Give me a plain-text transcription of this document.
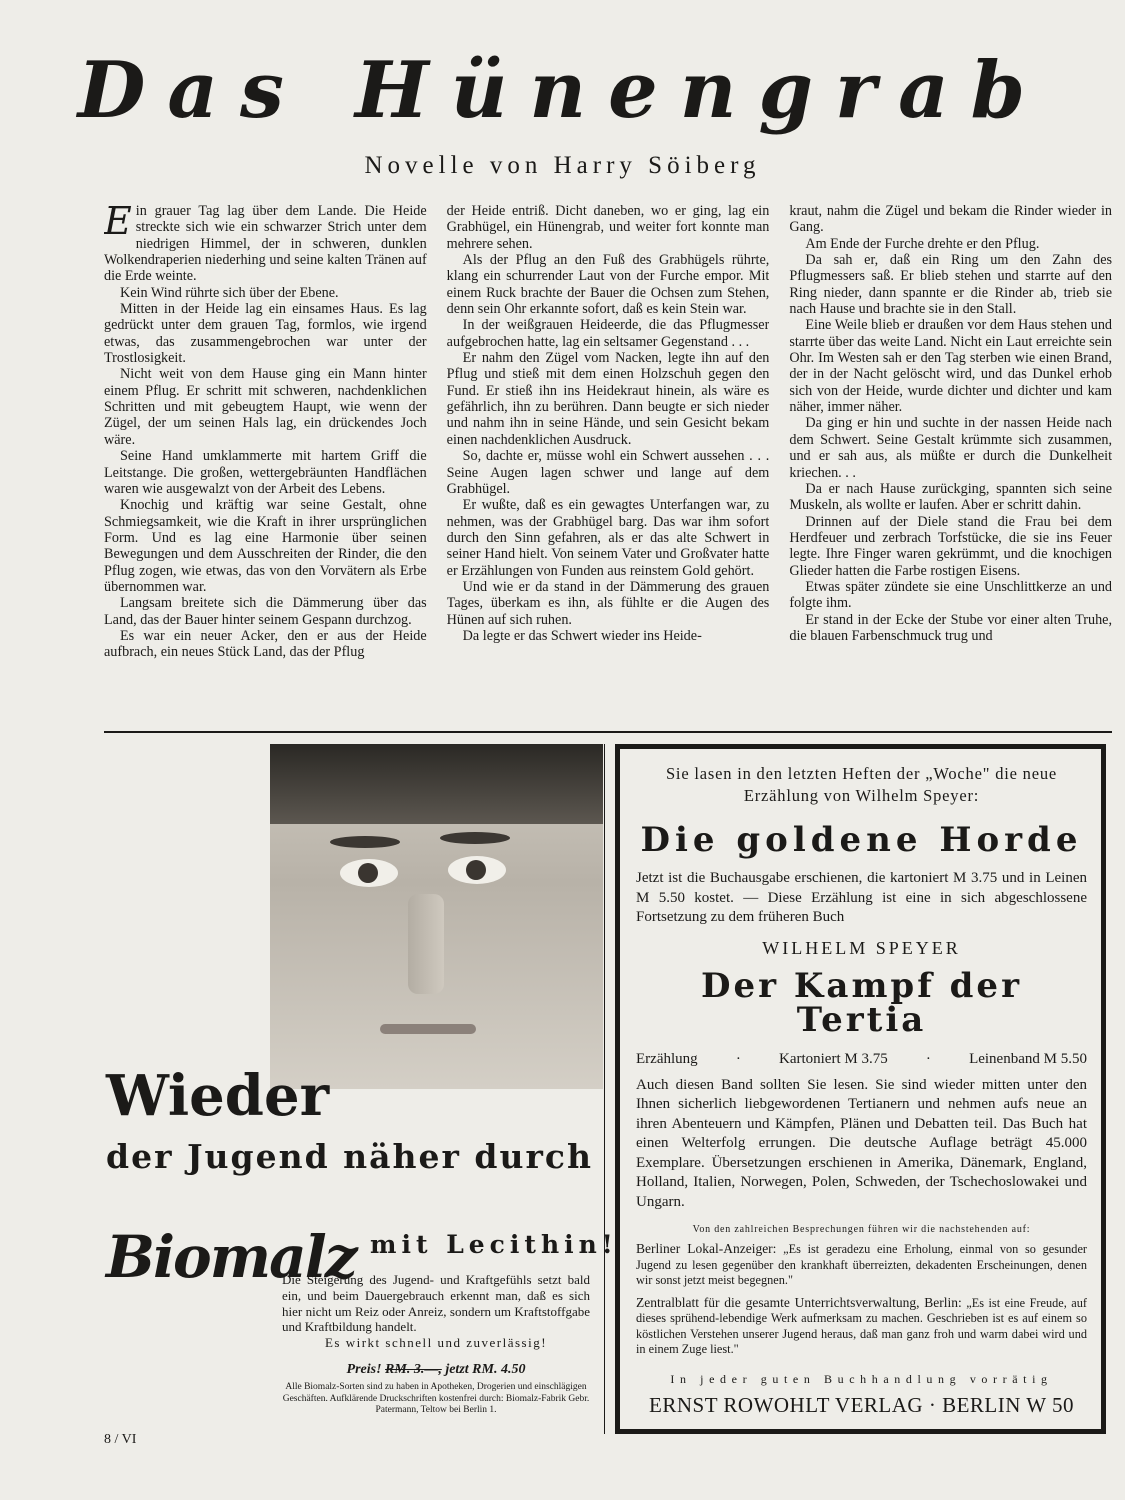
Das Hünengrab
Novelle von Harry Söiberg

Ein grauer Tag lag über dem Lande. Die Heide streckte sich wie ein schwarzer Strich unter dem niedrigen Himmel, der in schweren, dunklen Wolkendraperien niederhing und seine kalten Tränen auf die Erde weinte.

Kein Wind rührte sich über der Ebene.

Mitten in der Heide lag ein einsames Haus. Es lag gedrückt unter dem grauen Tag, formlos, wie irgend etwas, das zusammengebrochen war unter der Trostlosigkeit.

Nicht weit von dem Hause ging ein Mann hinter einem Pflug. Er schritt mit schweren, nachdenklichen Schritten und mit gebeugtem Haupt, wie wenn der Zügel, der um seinen Hals lag, ein drückendes Joch wäre.

Seine Hand umklammerte mit hartem Griff die Leitstange. Die großen, wettergebräunten Handflächen waren wie ausgewalzt von der Arbeit des Lebens.

Knochig und kräftig war seine Gestalt, ohne Schmiegsamkeit, wie die Kraft in ihrer ursprünglichen Form. Und es lag eine Harmonie über seinen Bewegungen und dem Ausschreiten der Rinder, die den Pflug zogen, wie etwas, das von den Vorvätern als Erbe übernommen war.

Langsam breitete sich die Dämmerung über das Land, das der Bauer hinter seinem Gespann durchzog.

Es war ein neuer Acker, den er aus der Heide aufbrach, ein neues Stück Land, das der Pflug

der Heide entriß. Dicht daneben, wo er ging, lag ein Grabhügel, ein Hünengrab, und weiter fort konnte man mehrere sehen.

Als der Pflug an den Fuß des Grabhügels rührte, klang ein schurrender Laut von der Furche empor. Mit einem Ruck brachte der Bauer die Ochsen zum Stehen, denn sein Ohr erkannte sofort, daß es kein Stein war.

In der weißgrauen Heideerde, die das Pflugmesser aufgebrochen hatte, lag ein seltsamer Gegenstand . . .

Er nahm den Zügel vom Nacken, legte ihn auf den Pflug und stieß mit dem einen Holzschuh gegen den Fund. Er stieß ihn ins Heidekraut hinein, als wäre es gefährlich, ihn zu berühren. Dann beugte er sich nieder und nahm ihn in seine Hände, und sein Gesicht bekam einen nachdenklichen Ausdruck.

So, dachte er, müsse wohl ein Schwert aussehen . . . Seine Augen lagen schwer und lange auf dem Grabhügel.

Er wußte, daß es ein gewagtes Unterfangen war, zu nehmen, was der Grabhügel barg. Das war ihm sofort durch den Sinn gefahren, als er das alte Schwert in seiner Hand hielt. Von seinem Vater und Großvater hatte er Erzählungen von Funden aus reinstem Gold gehört.

Und wie er da stand in der Dämmerung des grauen Tages, überkam es ihn, als fühlte er die Augen des Hünen auf sich ruhen.

Da legte er das Schwert wieder ins Heide-

kraut, nahm die Zügel und bekam die Rinder wieder in Gang.

Am Ende der Furche drehte er den Pflug.

Da sah er, daß ein Ring um den Zahn des Pflugmessers saß. Er blieb stehen und starrte auf den Ring nieder, dann spannte er die Rinder ab, trieb sie nach Hause und brachte sie in den Stall.

Eine Weile blieb er draußen vor dem Haus stehen und starrte über das weite Land. Nicht ein Laut erreichte sein Ohr. Im Westen sah er den Tag sterben wie einen Brand, der in der Nacht gelöscht wird, und das Dunkel erhob sich von der Heide, wurde dichter und dichter und kam näher, immer näher.

Da ging er hin und suchte in der nassen Heide nach dem Schwert. Seine Gestalt krümmte sich zusammen, und er sah aus, als müßte er durch die Dunkelheit kriechen. . .

Da er nach Hause zurückging, spannten sich seine Muskeln, als wollte er laufen. Aber er schritt dahin.

Drinnen auf der Diele stand die Frau bei dem Herdfeuer und zerbrach Torfstücke, die sie ins Feuer legte. Ihre Finger waren gekrümmt, und die knochigen Glieder hatten die Farbe rostigen Eisens.

Etwas später zündete sie eine Unschlittkerze an und folgte ihm.

Er stand in der Ecke der Stube vor einer alten Truhe, die blauen Farbenschmuck trug und

Wieder
der Jugend näher durch
Biomalz mit Lecithin!
Die Steigerung des Jugend- und Kraftgefühls setzt bald ein, und beim Dauergebrauch erkennt man, daß es sich hier nicht um Reiz oder Anreiz, sondern um Kraftstoffgabe und Kraftbildung handelt.
Es wirkt schnell und zuverlässig!
Preis! RM. 3.—, jetzt RM. 4.50
Alle Biomalz-Sorten sind zu haben in Apotheken, Drogerien und einschlägigen Geschäften. Aufklärende Druckschriften kostenfrei durch: Biomalz-Fabrik Gebr. Patermann, Teltow bei Berlin 1.
Sie lasen in den letzten Heften der „Woche" die neue Erzählung von Wilhelm Speyer:
Die goldene Horde
Jetzt ist die Buchausgabe erschienen, die kartoniert M 3.75 und in Leinen M 5.50 kostet. — Diese Erzählung ist eine in sich abgeschlossene Fortsetzung zu dem früheren Buch
WILHELM SPEYER
Der Kampf der Tertia
Erzählung	·	Kartoniert M 3.75	·	Leinenband M 5.50
Auch diesen Band sollten Sie lesen. Sie sind wieder mitten unter den Ihnen sicherlich liebgewordenen Tertianern und nehmen aufs neue an ihren Abenteuern und Kämpfen, Plänen und Debatten teil. Das Buch hat einen Welterfolg errungen. Die deutsche Auflage beträgt 45.000 Exemplare. Übersetzungen erschienen in Amerika, Dänemark, England, Holland, Italien, Norwegen, Polen, Schweden, der Tschechoslowakei und Ungarn.
Von den zahlreichen Besprechungen führen wir die nachstehenden auf:
Berliner Lokal-Anzeiger: „Es ist geradezu eine Erholung, einmal von so gesunder Jugend zu lesen gegenüber den krankhaft überreizten, dekadenten Erscheinungen, denen wir sonst jetzt meist begegnen."
Zentralblatt für die gesamte Unterrichtsverwaltung, Berlin: „Es ist eine Freude, auf dieses sprühend-lebendige Werk aufmerksam zu machen. Geschrieben ist es auf einem so köstlichen Verstehen unserer Jugend heraus, daß man ganz froh und warm dabei wird und in einem Zuge liest."
In jeder guten Buchhandlung vorrätig
ERNST ROWOHLT VERLAG · BERLIN W 50
8 / VI
